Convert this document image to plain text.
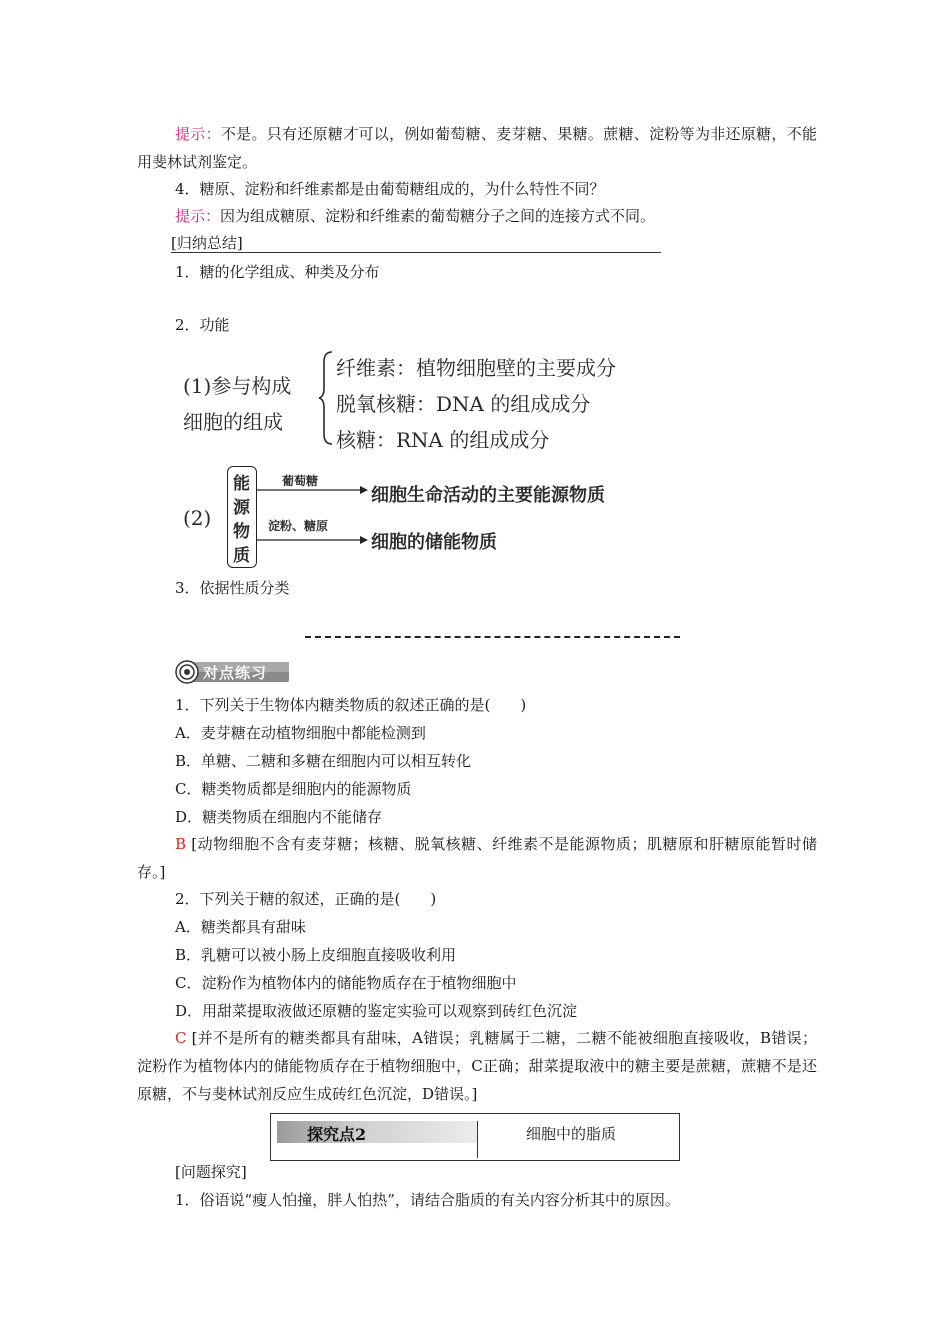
提示：不是。只有还原糖才可以，例如葡萄糖、麦芽糖、果糖。蔗糖、淀粉等为非还原糖，不能用斐林试剂鉴定。
4．糖原、淀粉和纤维素都是由葡萄糖组成的，为什么特性不同？
提示：因为组成糖原、淀粉和纤维素的葡萄糖分子之间的连接方式不同。
[归纳总结]
1．糖的化学组成、种类及分布
2．功能
(1)参与构成
细胞的组成
纤维素：植物细胞壁的主要成分
脱氧核糖：DNA 的组成成分
核糖：RNA 的组成成分
(2)
能
源
物
质
葡萄糖
细胞生命活动的主要能源物质
淀粉、糖原
细胞的储能物质
3．依据性质分类
对点练习
1．下列关于生物体内糖类物质的叙述正确的是(　　)
A．麦芽糖在动植物细胞中都能检测到
B．单糖、二糖和多糖在细胞内可以相互转化
C．糖类物质都是细胞内的能源物质
D．糖类物质在细胞内不能储存
B [动物细胞不含有麦芽糖；核糖、脱氧核糖、纤维素不是能源物质；肌糖原和肝糖原能暂时储存。]
2．下列关于糖的叙述，正确的是(　　)
A．糖类都具有甜味
B．乳糖可以被小肠上皮细胞直接吸收利用
C．淀粉作为植物体内的储能物质存在于植物细胞中
D．用甜菜提取液做还原糖的鉴定实验可以观察到砖红色沉淀
C [并不是所有的糖类都具有甜味，A错误；乳糖属于二糖，二糖不能被细胞直接吸收，B错误；淀粉作为植物体内的储能物质存在于植物细胞中，C正确；甜菜提取液中的糖主要是蔗糖，蔗糖不是还原糖，不与斐林试剂反应生成砖红色沉淀，D错误。]
探究点2	细胞中的脂质
[问题探究]
1．俗语说“瘦人怕撞，胖人怕热”，请结合脂质的有关内容分析其中的原因。
